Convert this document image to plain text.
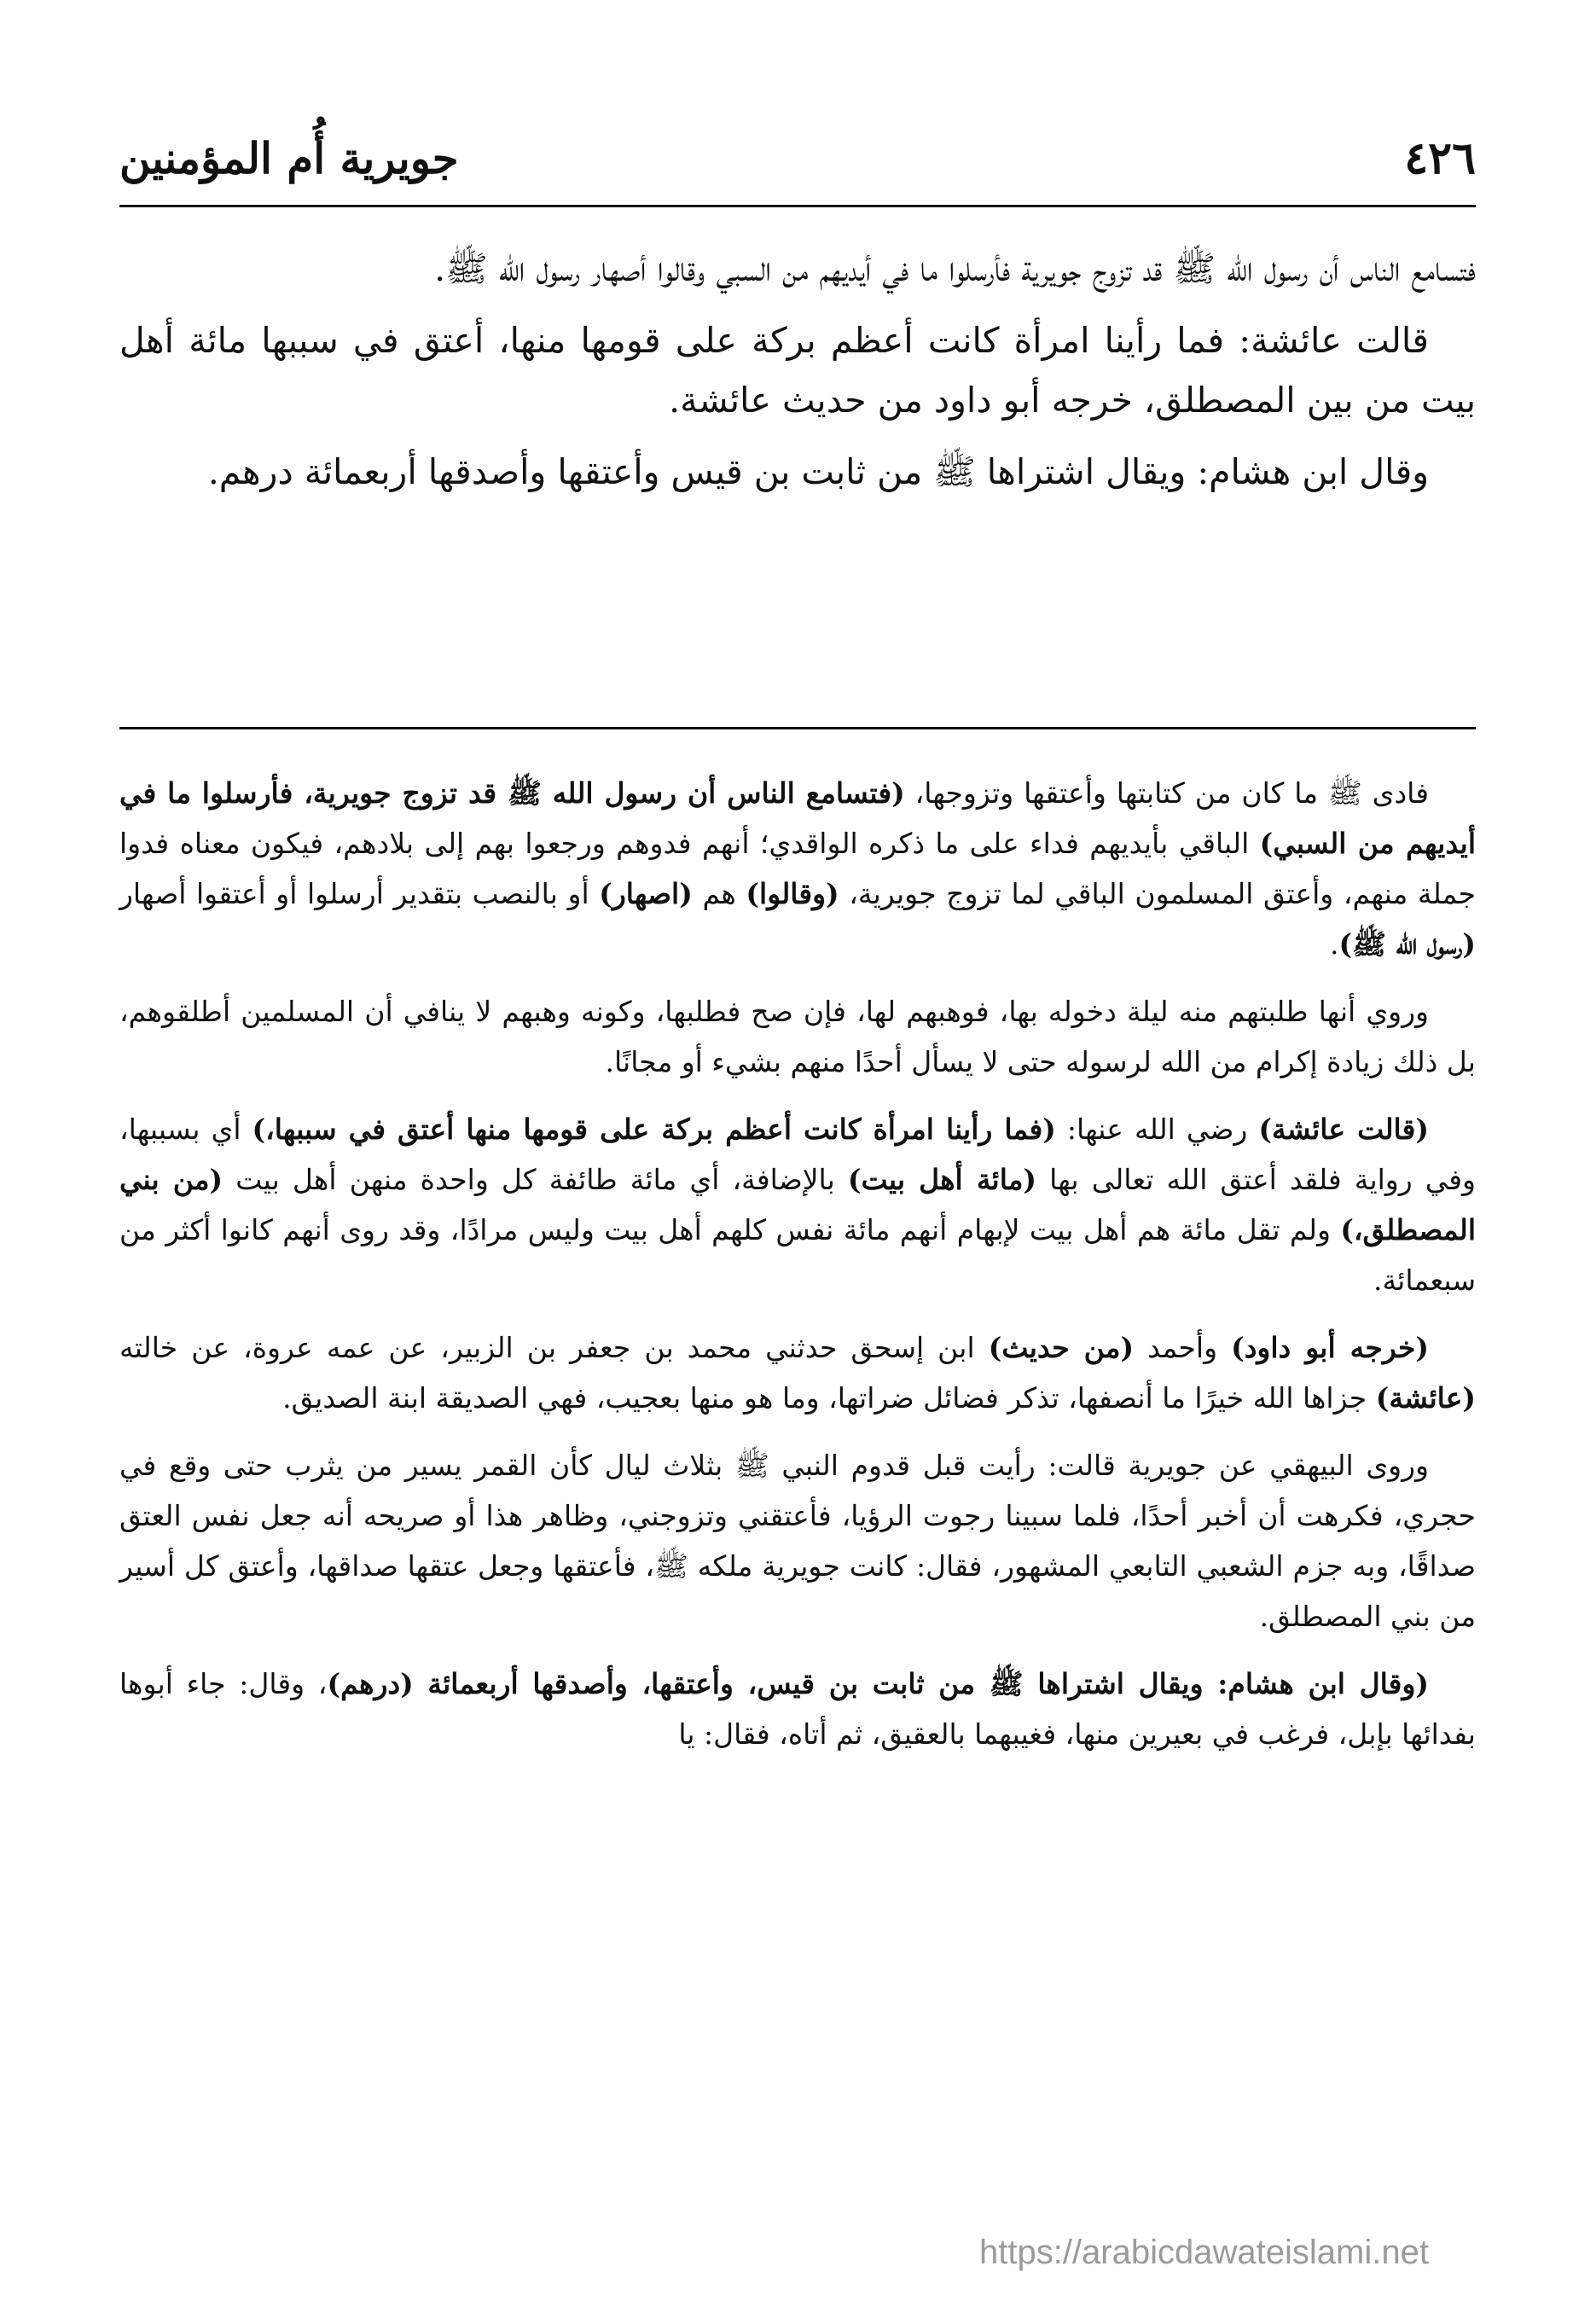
٤٢٦
جويرية أُم المؤمنين

فتسامع الناس أن رسول الله ﷺ قد تزوج جويرية فأرسلوا ما في أيديهم من السبي وقالوا أصهار رسول الله ﷺ.

قالت عائشة: فما رأينا امرأة كانت أعظم بركة على قومها منها، أعتق في سببها مائة أهل بيت من بين المصطلق، خرجه أبو داود من حديث عائشة.

وقال ابن هشام: ويقال اشتراها ﷺ من ثابت بن قيس وأعتقها وأصدقها أربعمائة درهم.

فادى ﷺ ما كان من كتابتها وأعتقها وتزوجها، (فتسامع الناس أن رسول الله ﷺ قد تزوج جويرية، فأرسلوا ما في أيديهم من السبي) الباقي بأيديهم فداء على ما ذكره الواقدي؛ أنهم فدوهم ورجعوا بهم إلى بلادهم، فيكون معناه فدوا جملة منهم، وأعتق المسلمون الباقي لما تزوج جويرية، (وقالوا) هم (اصهار) أو بالنصب بتقدير أرسلوا أو أعتقوا أصهار (رسول الله ﷺ).

وروي أنها طلبتهم منه ليلة دخوله بها، فوهبهم لها، فإن صح فطلبها، وكونه وهبهم لا ينافي أن المسلمين أطلقوهم، بل ذلك زيادة إكرام من الله لرسوله حتى لا يسأل أحدًا منهم بشيء أو مجانًا.

(قالت عائشة) رضي الله عنها: (فما رأينا امرأة كانت أعظم بركة على قومها منها أعتق في سببها،) أي بسببها، وفي رواية فلقد أعتق الله تعالى بها (مائة أهل بيت) بالإضافة، أي مائة طائفة كل واحدة منهن أهل بيت (من بني المصطلق،) ولم تقل مائة هم أهل بيت لإبهام أنهم مائة نفس كلهم أهل بيت وليس مرادًا، وقد روى أنهم كانوا أكثر من سبعمائة.

(خرجه أبو داود) وأحمد (من حديث) ابن إسحق حدثني محمد بن جعفر بن الزبير، عن عمه عروة، عن خالته (عائشة) جزاها الله خيرًا ما أنصفها، تذكر فضائل ضراتها، وما هو منها بعجيب، فهي الصديقة ابنة الصديق.

وروى البيهقي عن جويرية قالت: رأيت قبل قدوم النبي ﷺ بثلاث ليال كأن القمر يسير من يثرب حتى وقع في حجري، فكرهت أن أخبر أحدًا، فلما سبينا رجوت الرؤيا، فأعتقني وتزوجني، وظاهر هذا أو صريحه أنه جعل نفس العتق صداقًا، وبه جزم الشعبي التابعي المشهور، فقال: كانت جويرية ملكه ﷺ، فأعتقها وجعل عتقها صداقها، وأعتق كل أسير من بني المصطلق.

(وقال ابن هشام: ويقال اشتراها ﷺ من ثابت بن قيس، وأعتقها، وأصدقها أربعمائة (درهم)، وقال: جاء أبوها بفدائها بإبل، فرغب في بعيرين منها، فغيبهما بالعقيق، ثم أتاه، فقال: يا

https://arabicdawateislami.net
